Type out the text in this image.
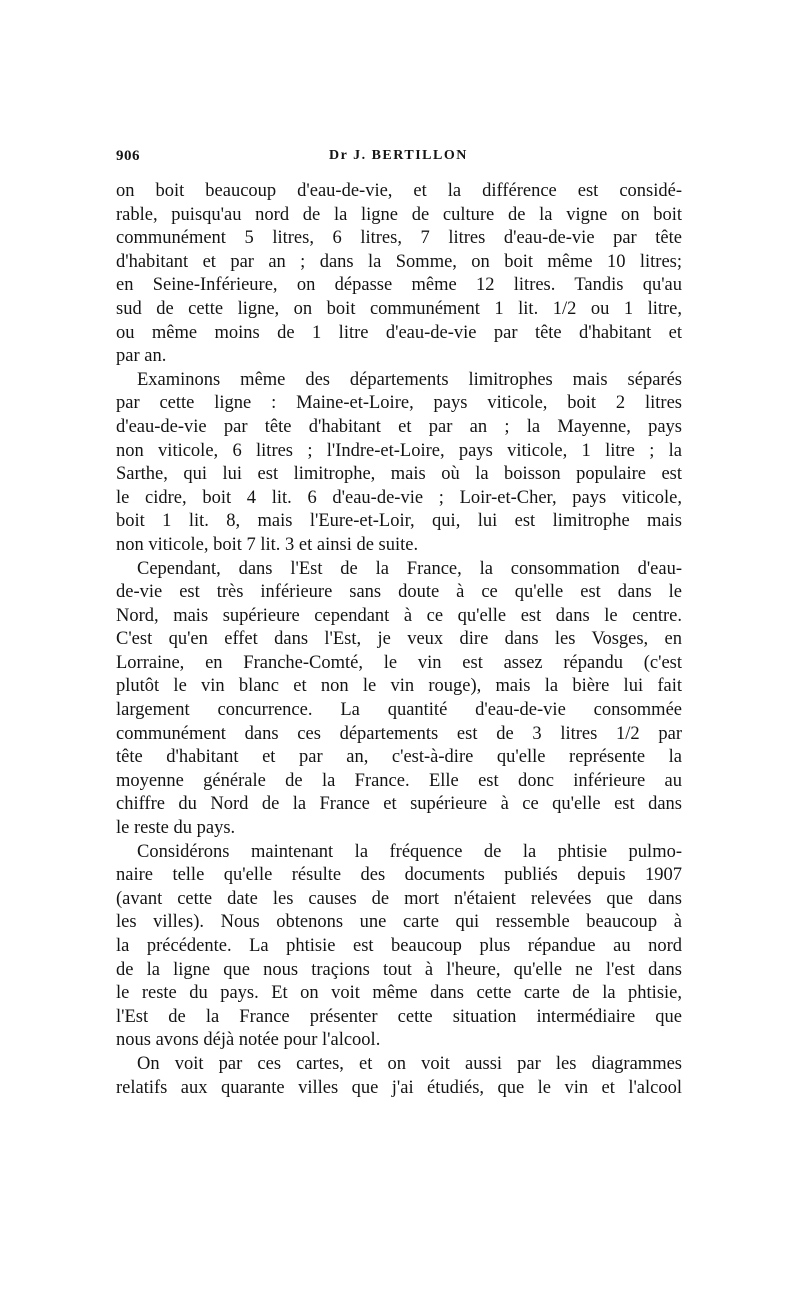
906	Dr J. BERTILLON
on boit beaucoup d'eau-de-vie, et la différence est considé-
rable, puisqu'au nord de la ligne de culture de la vigne on boit
communément 5 litres, 6 litres, 7 litres d'eau-de-vie par tête
d'habitant et par an ; dans la Somme, on boit même 10 litres;
en Seine-Inférieure, on dépasse même 12 litres. Tandis qu'au
sud de cette ligne, on boit communément 1 lit. 1/2 ou 1 litre,
ou même moins de 1 litre d'eau-de-vie par tête d'habitant et
par an.
Examinons même des départements limitrophes mais séparés
par cette ligne : Maine-et-Loire, pays viticole, boit 2 litres
d'eau-de-vie par tête d'habitant et par an ; la Mayenne, pays
non viticole, 6 litres ; l'Indre-et-Loire, pays viticole, 1 litre ; la
Sarthe, qui lui est limitrophe, mais où la boisson populaire est
le cidre, boit 4 lit. 6 d'eau-de-vie ; Loir-et-Cher, pays viticole,
boit 1 lit. 8, mais l'Eure-et-Loir, qui, lui est limitrophe mais
non viticole, boit 7 lit. 3 et ainsi de suite.
Cependant, dans l'Est de la France, la consommation d'eau-
de-vie est très inférieure sans doute à ce qu'elle est dans le
Nord, mais supérieure cependant à ce qu'elle est dans le centre.
C'est qu'en effet dans l'Est, je veux dire dans les Vosges, en
Lorraine, en Franche-Comté, le vin est assez répandu (c'est
plutôt le vin blanc et non le vin rouge), mais la bière lui fait
largement concurrence. La quantité d'eau-de-vie consommée
communément dans ces départements est de 3 litres 1/2 par
tête d'habitant et par an, c'est-à-dire qu'elle représente la
moyenne générale de la France. Elle est donc inférieure au
chiffre du Nord de la France et supérieure à ce qu'elle est dans
le reste du pays.
Considérons maintenant la fréquence de la phtisie pulmo-
naire telle qu'elle résulte des documents publiés depuis 1907
(avant cette date les causes de mort n'étaient relevées que dans
les villes). Nous obtenons une carte qui ressemble beaucoup à
la précédente. La phtisie est beaucoup plus répandue au nord
de la ligne que nous traçions tout à l'heure, qu'elle ne l'est dans
le reste du pays. Et on voit même dans cette carte de la phtisie,
l'Est de la France présenter cette situation intermédiaire que
nous avons déjà notée pour l'alcool.
On voit par ces cartes, et on voit aussi par les diagrammes
relatifs aux quarante villes que j'ai étudiés, que le vin et l'alcool
